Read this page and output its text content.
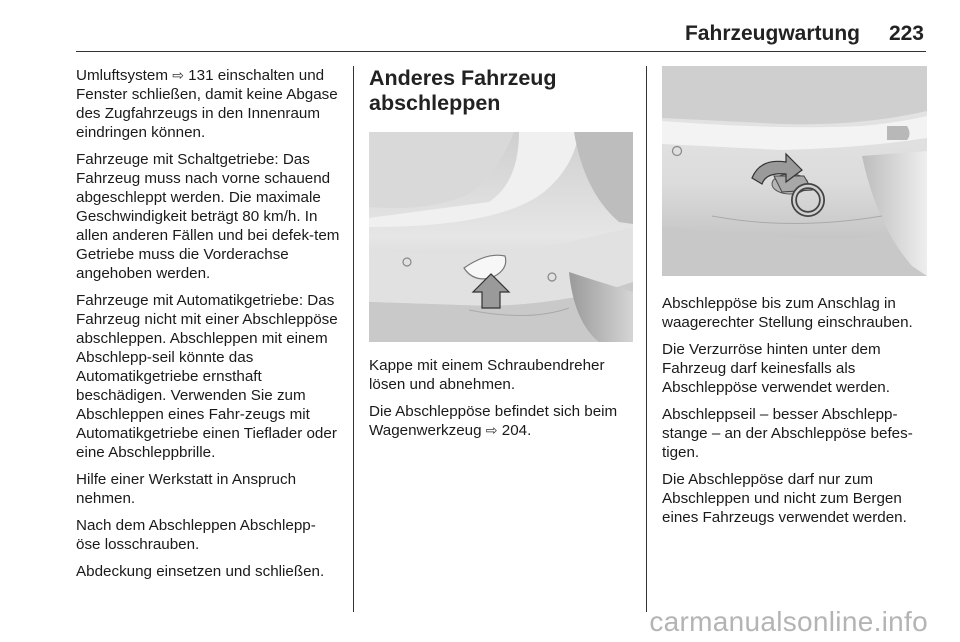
Fahrzeugwartung 223

Umluftsystem ⇨ 131 einschalten und Fenster schließen, damit keine Abgase des Zugfahrzeugs in den Innenraum eindringen können.

Fahrzeuge mit Schaltgetriebe: Das Fahrzeug muss nach vorne schauend abgeschleppt werden. Die maximale Geschwindigkeit beträgt 80 km/h. In allen anderen Fällen und bei defek-tem Getriebe muss die Vorderachse angehoben werden.

Fahrzeuge mit Automatikgetriebe: Das Fahrzeug nicht mit einer Abschleppöse abschleppen. Abschleppen mit einem Abschlepp-seil könnte das Automatikgetriebe ernsthaft beschädigen. Verwenden Sie zum Abschleppen eines Fahr-zeugs mit Automatikgetriebe einen Tieflader oder eine Abschleppbrille.

Hilfe einer Werkstatt in Anspruch nehmen.

Nach dem Abschleppen Abschlepp-öse losschrauben.

Abdeckung einsetzen und schließen.

Anderes Fahrzeug abschleppen

Kappe mit einem Schraubendreher lösen und abnehmen.

Die Abschleppöse befindet sich beim Wagenwerkzeug ⇨ 204.

Abschleppöse bis zum Anschlag in waagerechter Stellung einschrauben.

Die Verzurröse hinten unter dem Fahrzeug darf keinesfalls als Abschleppöse verwendet werden.

Abschleppseil – besser Abschlepp-stange – an der Abschleppöse befes-tigen.

Die Abschleppöse darf nur zum Abschleppen und nicht zum Bergen eines Fahrzeugs verwendet werden.

carmanualsonline.info
